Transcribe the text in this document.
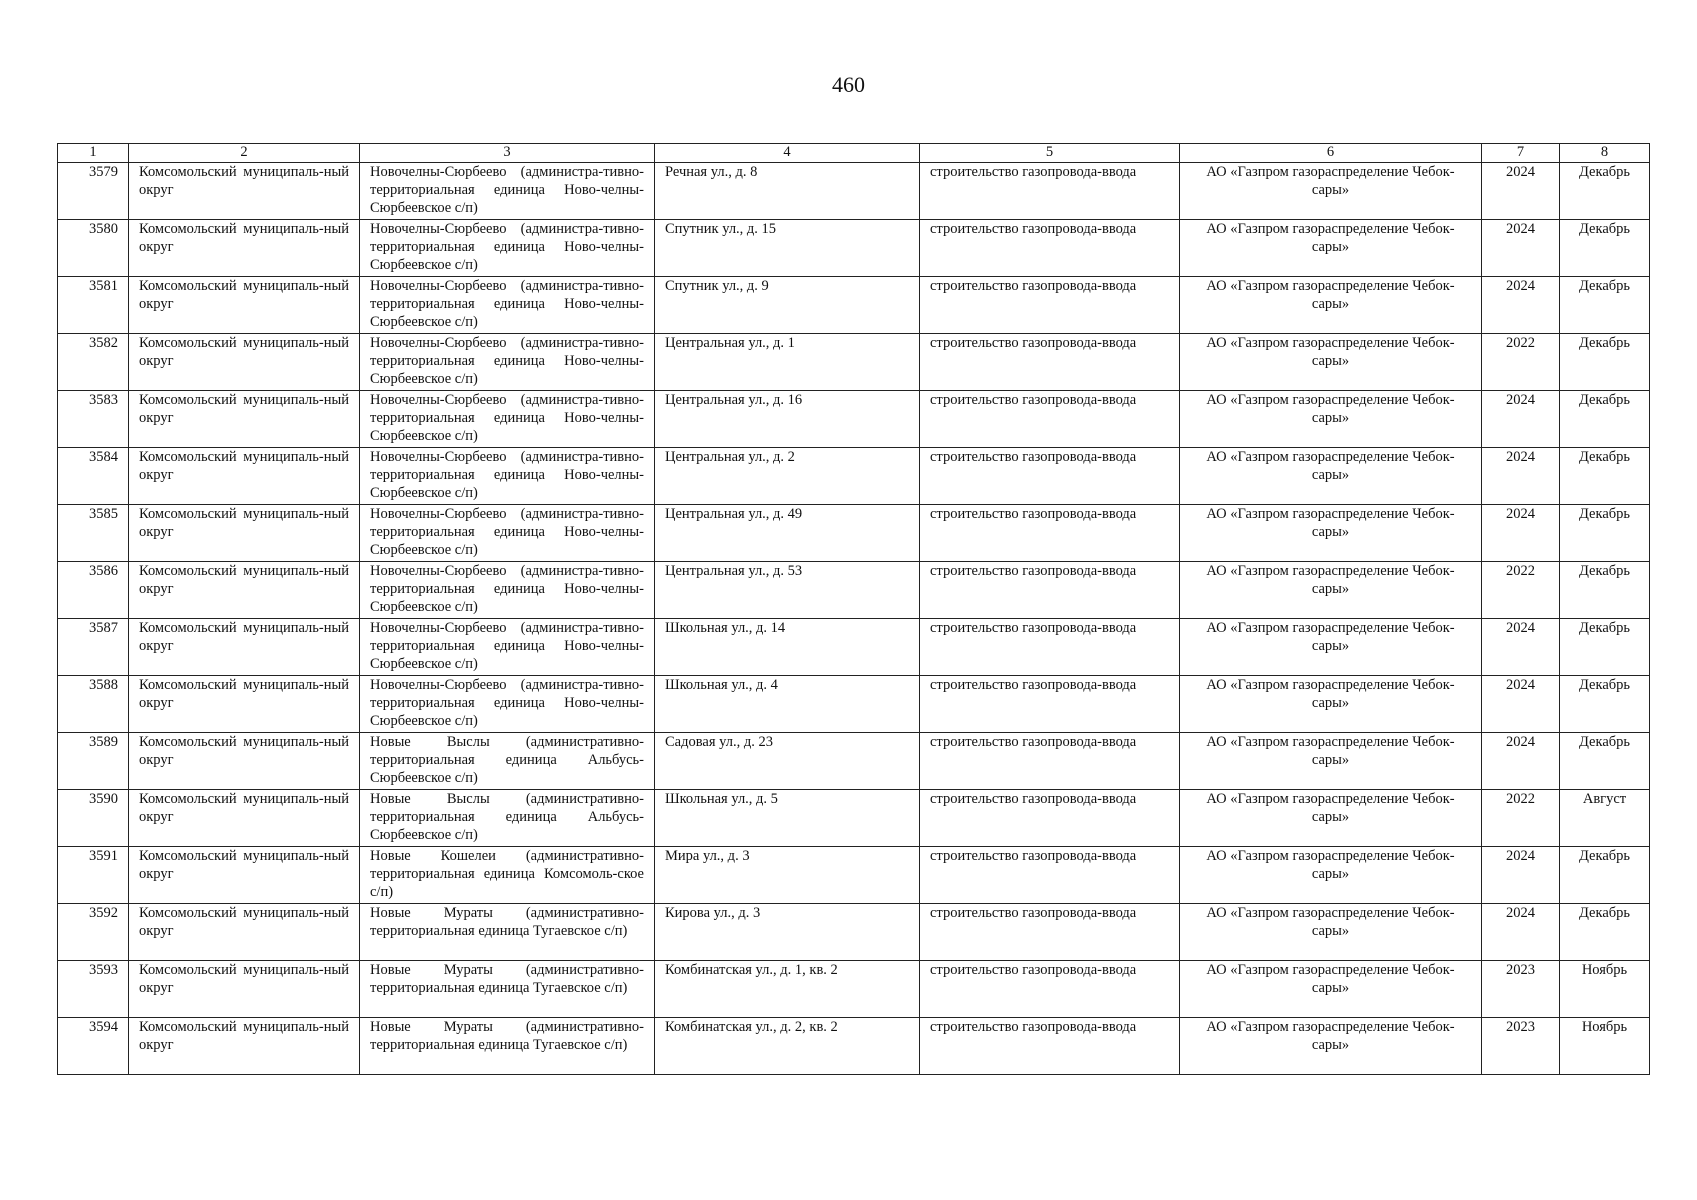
460
1	2	3	4	5	6	7	8
3579	Комсомольский муниципаль-ный округ	Новочелны-Сюрбеево (администра-тивно-территориальная единица Ново-челны-Сюрбеевское с/п)	Речная ул., д. 8	строительство газопровода-ввода	АО «Газпром газораспределение Чебок-сары»	2024	Декабрь
3580	Комсомольский муниципаль-ный округ	Новочелны-Сюрбеево (администра-тивно-территориальная единица Ново-челны-Сюрбеевское с/п)	Спутник ул., д. 15	строительство газопровода-ввода	АО «Газпром газораспределение Чебок-сары»	2024	Декабрь
3581	Комсомольский муниципаль-ный округ	Новочелны-Сюрбеево (администра-тивно-территориальная единица Ново-челны-Сюрбеевское с/п)	Спутник ул., д. 9	строительство газопровода-ввода	АО «Газпром газораспределение Чебок-сары»	2024	Декабрь
3582	Комсомольский муниципаль-ный округ	Новочелны-Сюрбеево (администра-тивно-территориальная единица Ново-челны-Сюрбеевское с/п)	Центральная ул., д. 1	строительство газопровода-ввода	АО «Газпром газораспределение Чебок-сары»	2022	Декабрь
3583	Комсомольский муниципаль-ный округ	Новочелны-Сюрбеево (администра-тивно-территориальная единица Ново-челны-Сюрбеевское с/п)	Центральная ул., д. 16	строительство газопровода-ввода	АО «Газпром газораспределение Чебок-сары»	2024	Декабрь
3584	Комсомольский муниципаль-ный округ	Новочелны-Сюрбеево (администра-тивно-территориальная единица Ново-челны-Сюрбеевское с/п)	Центральная ул., д. 2	строительство газопровода-ввода	АО «Газпром газораспределение Чебок-сары»	2024	Декабрь
3585	Комсомольский муниципаль-ный округ	Новочелны-Сюрбеево (администра-тивно-территориальная единица Ново-челны-Сюрбеевское с/п)	Центральная ул., д. 49	строительство газопровода-ввода	АО «Газпром газораспределение Чебок-сары»	2024	Декабрь
3586	Комсомольский муниципаль-ный округ	Новочелны-Сюрбеево (администра-тивно-территориальная единица Ново-челны-Сюрбеевское с/п)	Центральная ул., д. 53	строительство газопровода-ввода	АО «Газпром газораспределение Чебок-сары»	2022	Декабрь
3587	Комсомольский муниципаль-ный округ	Новочелны-Сюрбеево (администра-тивно-территориальная единица Ново-челны-Сюрбеевское с/п)	Школьная ул., д. 14	строительство газопровода-ввода	АО «Газпром газораспределение Чебок-сары»	2024	Декабрь
3588	Комсомольский муниципаль-ный округ	Новочелны-Сюрбеево (администра-тивно-территориальная единица Ново-челны-Сюрбеевское с/п)	Школьная ул., д. 4	строительство газопровода-ввода	АО «Газпром газораспределение Чебок-сары»	2024	Декабрь
3589	Комсомольский муниципаль-ный округ	Новые Выслы (административно-территориальная единица Альбусь-Сюрбеевское с/п)	Садовая ул., д. 23	строительство газопровода-ввода	АО «Газпром газораспределение Чебок-сары»	2024	Декабрь
3590	Комсомольский муниципаль-ный округ	Новые Выслы (административно-территориальная единица Альбусь-Сюрбеевское с/п)	Школьная ул., д. 5	строительство газопровода-ввода	АО «Газпром газораспределение Чебок-сары»	2022	Август
3591	Комсомольский муниципаль-ный округ	Новые Кошелеи (административно-территориальная единица Комсомоль-ское с/п)	Мира ул., д. 3	строительство газопровода-ввода	АО «Газпром газораспределение Чебок-сары»	2024	Декабрь
3592	Комсомольский муниципаль-ный округ	Новые Мураты (административно-территориальная единица Тугаевское с/п)	Кирова ул., д. 3	строительство газопровода-ввода	АО «Газпром газораспределение Чебок-сары»	2024	Декабрь
3593	Комсомольский муниципаль-ный округ	Новые Мураты (административно-территориальная единица Тугаевское с/п)	Комбинатская ул., д. 1, кв. 2	строительство газопровода-ввода	АО «Газпром газораспределение Чебок-сары»	2023	Ноябрь
3594	Комсомольский муниципаль-ный округ	Новые Мураты (административно-территориальная единица Тугаевское с/п)	Комбинатская ул., д. 2, кв. 2	строительство газопровода-ввода	АО «Газпром газораспределение Чебок-сары»	2023	Ноябрь
